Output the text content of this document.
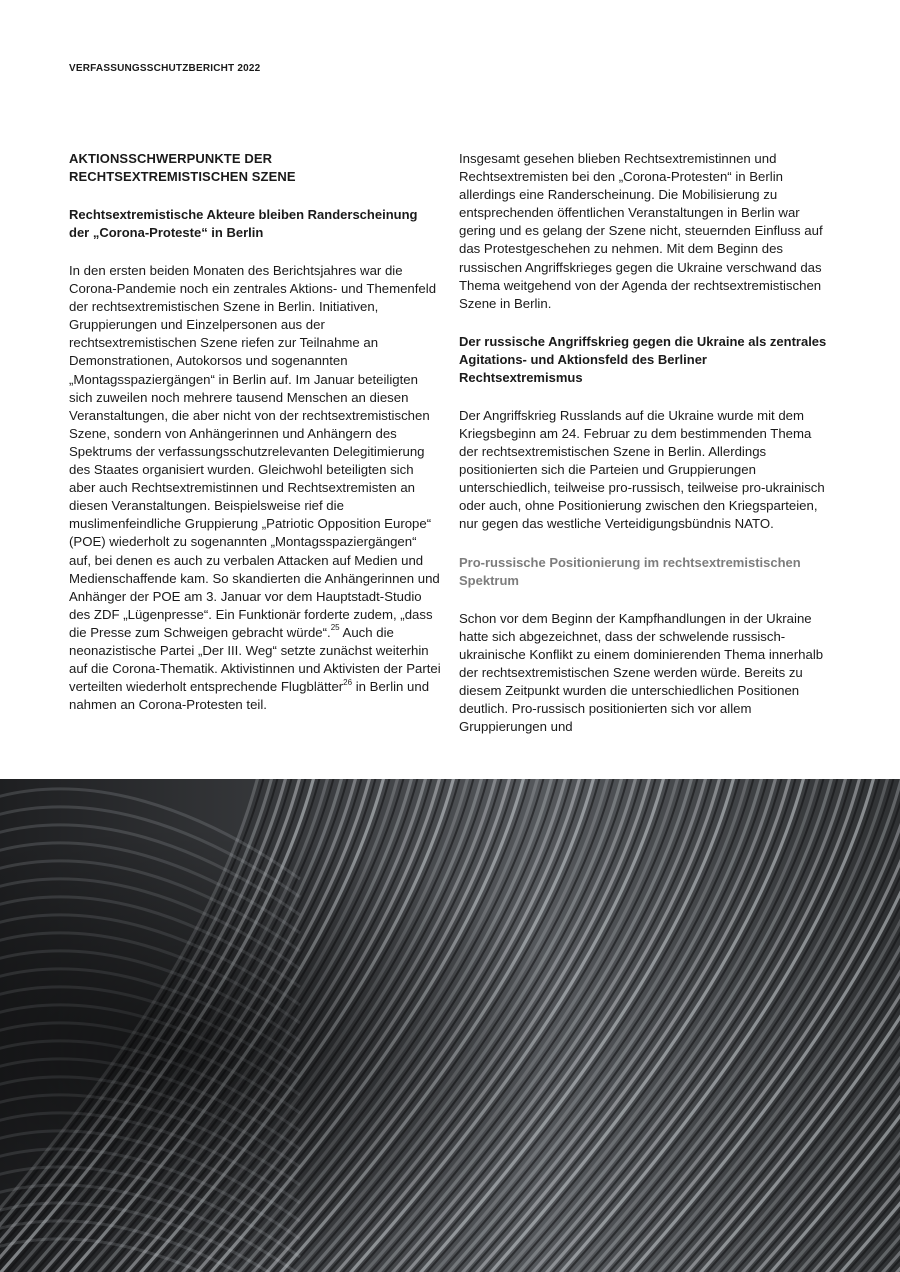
VERFASSUNGSSCHUTZBERICHT 2022
AKTIONSSCHWERPUNKTE DER RECHTSEXTREMISTISCHEN SZENE
Rechtsextremistische Akteure bleiben Randerscheinung der „Corona-Proteste“ in Berlin

In den ersten beiden Monaten des Berichtsjahres war die Corona-Pandemie noch ein zentrales Aktions- und Themenfeld der rechtsextremistischen Szene in Berlin. Initiativen, Gruppierungen und Einzelpersonen aus der rechtsextremistischen Szene riefen zur Teilnahme an Demonstrationen, Autokorsos und sogenannten „Montagsspaziergängen“ in Berlin auf. Im Januar beteiligten sich zuweilen noch mehrere tausend Menschen an diesen Veranstaltungen, die aber nicht von der rechtsextremistischen Szene, sondern von Anhängerinnen und Anhängern des Spektrums der verfassungsschutzrelevanten Delegitimierung des Staates organisiert wurden. Gleichwohl beteiligten sich aber auch Rechtsextremistinnen und Rechtsextremisten an diesen Veranstaltungen. Beispielsweise rief die muslimenfeindliche Gruppierung „Patriotic Opposition Europe“ (POE) wiederholt zu sogenannten „Montagsspaziergängen“ auf, bei denen es auch zu verbalen Attacken auf Medien und Medienschaffende kam. So skandierten die Anhängerinnen und Anhänger der POE am 3. Januar vor dem Hauptstadt-Studio des ZDF „Lügenpresse“. Ein Funktionär forderte zudem, „dass die Presse zum Schweigen gebracht würde“.$^{25}$ Auch die neonazistische Partei „Der III. Weg“ setzte zunächst weiterhin auf die Corona-Thematik. Aktivistinnen und Aktivisten der Partei verteilten wiederholt entsprechende Flugblätter$^{26}$ in Berlin und nahmen an Corona-Protesten teil.

Insgesamt gesehen blieben Rechtsextremistinnen und Rechtsextremisten bei den „Corona-Protesten“ in Berlin allerdings eine Randerscheinung. Die Mobilisierung zu entsprechenden öffentlichen Veranstaltungen in Berlin war gering und es gelang der Szene nicht, steuernden Einfluss auf das Protestgeschehen zu nehmen. Mit dem Beginn des russischen Angriffskrieges gegen die Ukraine verschwand das Thema weitgehend von der Agenda der rechtsextremistischen Szene in Berlin.

Der russische Angriffskrieg gegen die Ukraine als zentrales Agitations- und Aktionsfeld des Berliner Rechtsextremismus

Der Angriffskrieg Russlands auf die Ukraine wurde mit dem Kriegsbeginn am 24. Februar zu dem bestimmenden Thema der rechtsextremistischen Szene in Berlin. Allerdings positionierten sich die Parteien und Gruppierungen unterschiedlich, teilweise pro-russisch, teilweise pro-ukrainisch oder auch, ohne Positionierung zwischen den Kriegsparteien, nur gegen das westliche Verteidigungsbündnis NATO.

Pro-russische Positionierung im rechtsextremistischen Spektrum

Schon vor dem Beginn der Kampfhandlungen in der Ukraine hatte sich abgezeichnet, dass der schwelende russisch-ukrainische Konflikt zu einem dominierenden Thema innerhalb der rechtsextremistischen Szene werden würde. Bereits zu diesem Zeitpunkt wurden die unterschiedlichen Positionen deutlich. Pro-russisch positionierten sich vor allem Gruppierungen und
